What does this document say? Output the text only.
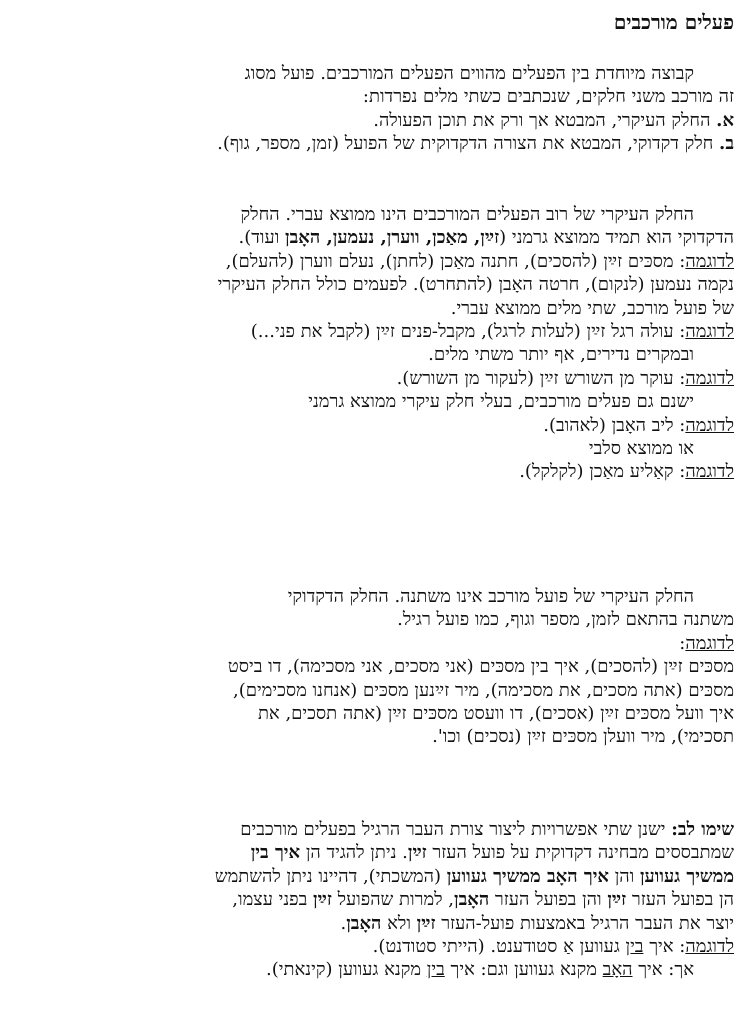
פעלים מורכבים
קבוצה מיוחדת בין הפעלים מהווים הפעלים המורכבים. פועל מסוג
זה מורכב משני חלקים, שנכתבים כשתי מלים נפרדות:
א. החלק העיקרי, המבטא אך ורק את תוכן הפעולה.
ב. חלק דקדוקי, המבטא את הצורה הדקדוקית של הפועל (זמן, מספר, גוף).
החלק העיקרי של רוב הפעלים המורכבים הינו ממוצא עברי. החלק
הדקדוקי הוא תמיד ממוצא גרמני (זײַן, מאַכן, ווערן, נעמען, האָבן ועוד).
לדוגמה: מסכּים זײַן (להסכים), חתנה מאַכן (לחתן), נעלם ווערן (להעלם),
נקמה נעמען (לנקום), חרטה האָבן (להתחרט). לפעמים כולל החלק העיקרי
של פועל מורכב, שתי מלים ממוצא עברי.
לדוגמה: עולה רגל זײַן (לעלות לרגל), מקבל-פנים זײַן (לקבל את פני...)
ובמקרים נדירים, אף יותר משתי מלים.
לדוגמה: עוקר מן השורש זײַן (לעקור מן השורש).
ישנם גם פעלים מורכבים, בעלי חלק עיקרי ממוצא גרמני
לדוגמה: ליב האָבן (לאהוב).
או ממוצא סלבי
לדוגמה: קאַליע מאַכן (לקלקל).
החלק העיקרי של פועל מורכב אינו משתנה. החלק הדקדוקי
משתנה בהתאם לזמן, מספר וגוף, כמו פועל רגיל.
לדוגמה:
מסכּים זײַן (להסכים), איך בין מסכּים (אני מסכים, אני מסכימה), דו ביסט
מסכּים (אתה מסכים, את מסכימה), מיר זײַנען מסכּים (אנחנו מסכימים),
איך וועל מסכּים זײַן (אסכים), דו וועסט מסכּים זײַן (אתה תסכים, את
תסכימי), מיר וועלן מסכּים זײַן (נסכים) וכו'.
שימו לב: ישנן שתי אפשרויות ליצור צורת העבר הרגיל בפעלים מורכבים
שמתבססים מבחינה דקדוקית על פועל העזר זײַן. ניתן להגיד הן איך בין
ממשיך געווען והן איך האָב ממשיך געווען (המשכתי), דהיינו ניתן להשתמש
הן בפועל העזר זײַן והן בפועל העזר האָבן, למרות שהפועל זײַן בפני עצמו,
יוצר את העבר הרגיל באמצעות פועל-העזר זײַן ולא האָבן.
לדוגמה: איך בין געווען אַ סטודענט. (הייתי סטודנט).
אך: איך האָב מקנא געווען וגם: איך בין מקנא געווען (קינאתי).
